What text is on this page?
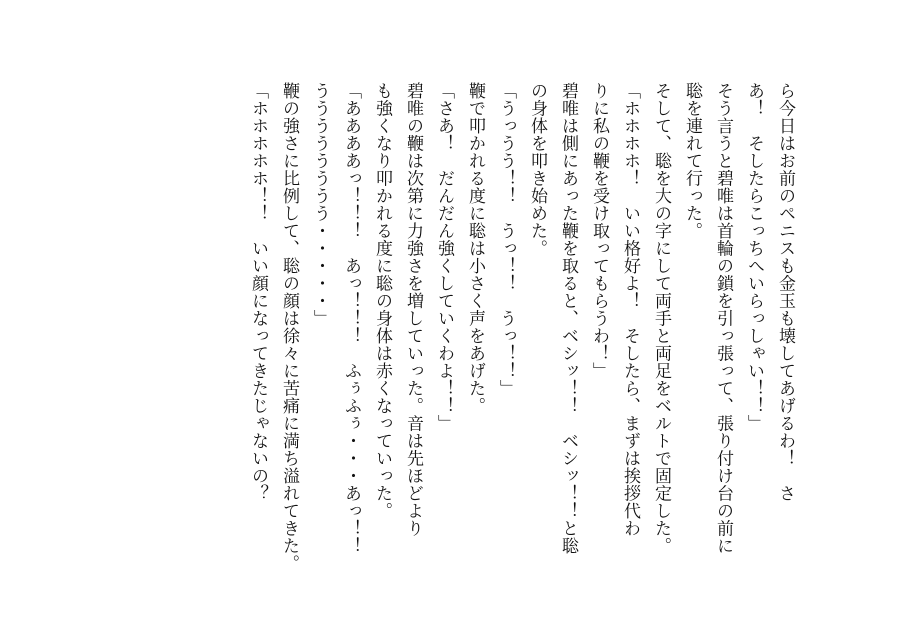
ら今日はお前のペニスも金玉も壊してあげるわ！　さ
あ！　そしたらこっちへいらっしゃい！！」
そう言うと碧唯は首輪の鎖を引っ張って、張り付け台の前に
聡を連れて行った。
そして、聡を大の字にして両手と両足をベルトで固定した。
「ホホホホ！　いい格好よ！　そしたら、まずは挨拶代わ
りに私の鞭を受け取ってもらうわ！」
碧唯は側にあった鞭を取ると、ベシッ！！　ベシッ！！と聡
の身体を叩き始めた。
「うっうう！！　うっ！！　うっ！！」
鞭で叩かれる度に聡は小さく声をあげた。
「さあ！　だんだん強くしていくわよ！！」
碧唯の鞭は次第に力強さを増していった。音は先ほどより
も強くなり叩かれる度に聡の身体は赤くなっていった。
「ああああっ！！！　あっ！！！　ふぅふぅ・・・あっ！！
うううううううう・・・・・」
鞭の強さに比例して、聡の顔は徐々に苦痛に満ち溢れてきた。
「ホホホホホ！！　いい顔になってきたじゃないの？
